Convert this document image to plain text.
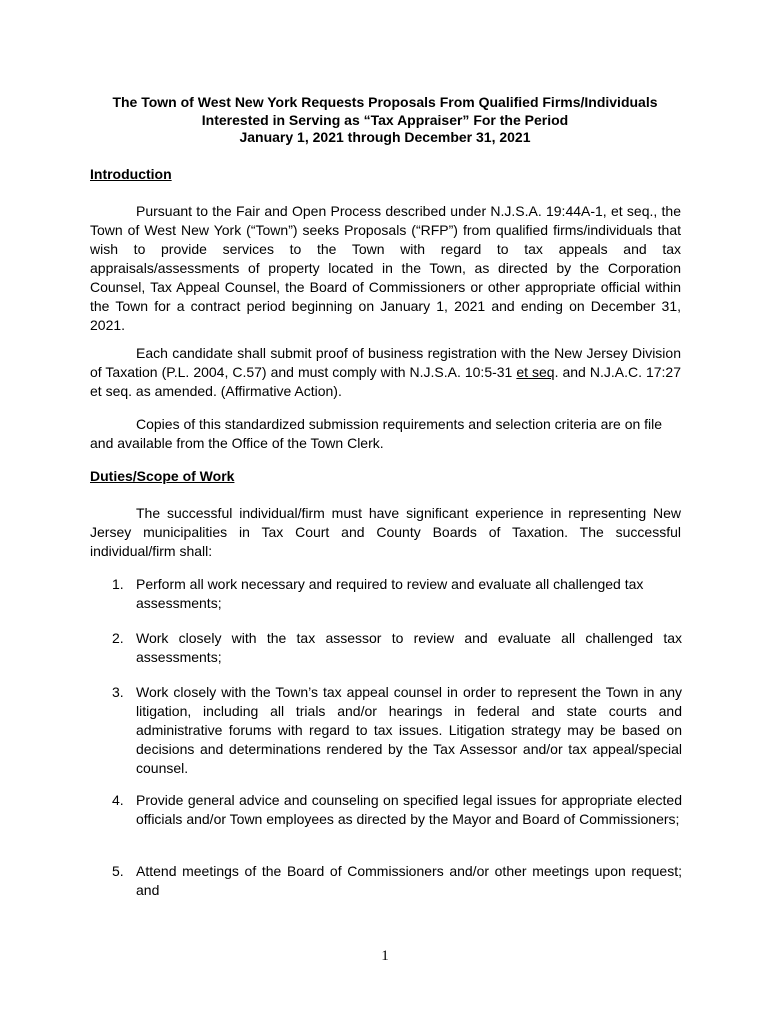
The Town of West New York Requests Proposals From Qualified Firms/Individuals
Interested in Serving as “Tax Appraiser” For the Period
January 1, 2021 through December 31, 2021
Introduction
Pursuant to the Fair and Open Process described under N.J.S.A. 19:44A-1, et seq., the Town of West New York (“Town”) seeks Proposals (“RFP”) from qualified firms/individuals that wish to provide services to the Town with regard to tax appeals and tax appraisals/assessments of property located in the Town, as directed by the Corporation Counsel, Tax Appeal Counsel, the Board of Commissioners or other appropriate official within the Town for a contract period beginning on January 1, 2021 and ending on December 31, 2021.
Each candidate shall submit proof of business registration with the New Jersey Division of Taxation (P.L. 2004, C.57) and must comply with N.J.S.A. 10:5-31 et seq. and N.J.A.C. 17:27 et seq. as amended. (Affirmative Action).
Copies of this standardized submission requirements and selection criteria are on file and available from the Office of the Town Clerk.
Duties/Scope of Work
The successful individual/firm must have significant experience in representing New Jersey municipalities in Tax Court and County Boards of Taxation. The successful individual/firm shall:
1. Perform all work necessary and required to review and evaluate all challenged tax assessments;
2. Work closely with the tax assessor to review and evaluate all challenged tax assessments;
3. Work closely with the Town’s tax appeal counsel in order to represent the Town in any litigation, including all trials and/or hearings in federal and state courts and administrative forums with regard to tax issues. Litigation strategy may be based on decisions and determinations rendered by the Tax Assessor and/or tax appeal/special counsel.
4. Provide general advice and counseling on specified legal issues for appropriate elected officials and/or Town employees as directed by the Mayor and Board of Commissioners;
5. Attend meetings of the Board of Commissioners and/or other meetings upon request; and
1
